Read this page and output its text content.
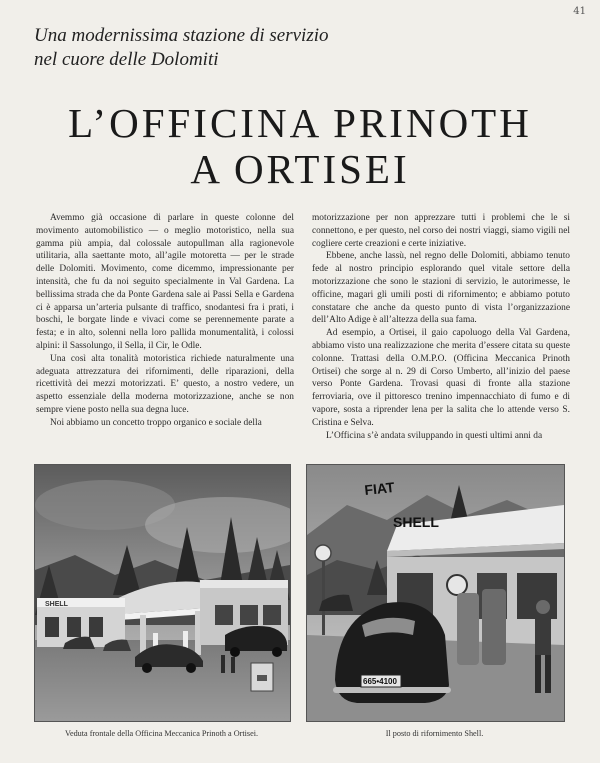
41
Una modernissima stazione di servizio
nel cuore delle Dolomiti
L’OFFICINA PRINOTH
A ORTISEI

Avemmo già occasione di parlare in queste colonne del movimento automobilistico — o meglio motoristico, nella sua gamma più ampia, dal colossale autopullman alla ragionevole utilitaria, alla saettante moto, all’agile motoretta — per le strade delle Dolomiti. Movimento, come dicemmo, impressionante per intensità, che fu da noi seguito specialmente in Val Gardena. La bellissima strada che da Ponte Gardena sale ai Passi Sella e Gardena ci è apparsa un’arteria pulsante di traffico, snodantesi fra i prati, i boschi, le borgate linde e vivaci come se perennemente parate a festa; e in alto, solenni nella loro pallida monumentalità, i colossi alpini: il Sassolungo, il Sella, il Cir, le Odle.

Una così alta tonalità motoristica richiede naturalmente una adeguata attrezzatura dei rifornimenti, delle riparazioni, della ricettività dei mezzi motorizzati. E’ questo, a nostro vedere, un aspetto essenziale della moderna motorizzazione, anche se non sempre viene posto nella sua degna luce.

Noi abbiamo un concetto troppo organico e sociale della

motorizzazione per non apprezzare tutti i problemi che le si connettono, e per questo, nel corso dei nostri viaggi, siamo vigili nel cogliere certe creazioni e certe iniziative.

Ebbene, anche lassù, nel regno delle Dolomiti, abbiamo tenuto fede al nostro principio esplorando quel vitale settore della motorizzazione che sono le stazioni di servizio, le autorimesse, le officine, magari gli umili posti di rifornimento; e abbiamo potuto constatare che anche da questo punto di vista l’organizzazione dell’Alto Adige è all’altezza della sua fama.

Ad esempio, a Ortisei, il gaio capoluogo della Val Gardena, abbiamo visto una realizzazione che merita d’essere citata su queste colonne. Trattasi della O.M.P.O. (Officina Meccanica Prinoth Ortisei) che sorge al n. 29 di Corso Umberto, all’inizio del paese verso Ponte Gardena. Trovasi quasi di fronte alla stazione ferroviaria, ove il pittoresco trenino impennacchiato di fumo e di vapore, sosta a riprender lena per la salita che lo attende verso S. Cristina e Selva.

L’Officina s’è andata sviluppando in questi ultimi anni da

SHELL
FIAT
SHELL
665•4100
Veduta frontale della Officina Meccanica Prinoth a Ortisei.	Il posto di rifornimento Shell.
